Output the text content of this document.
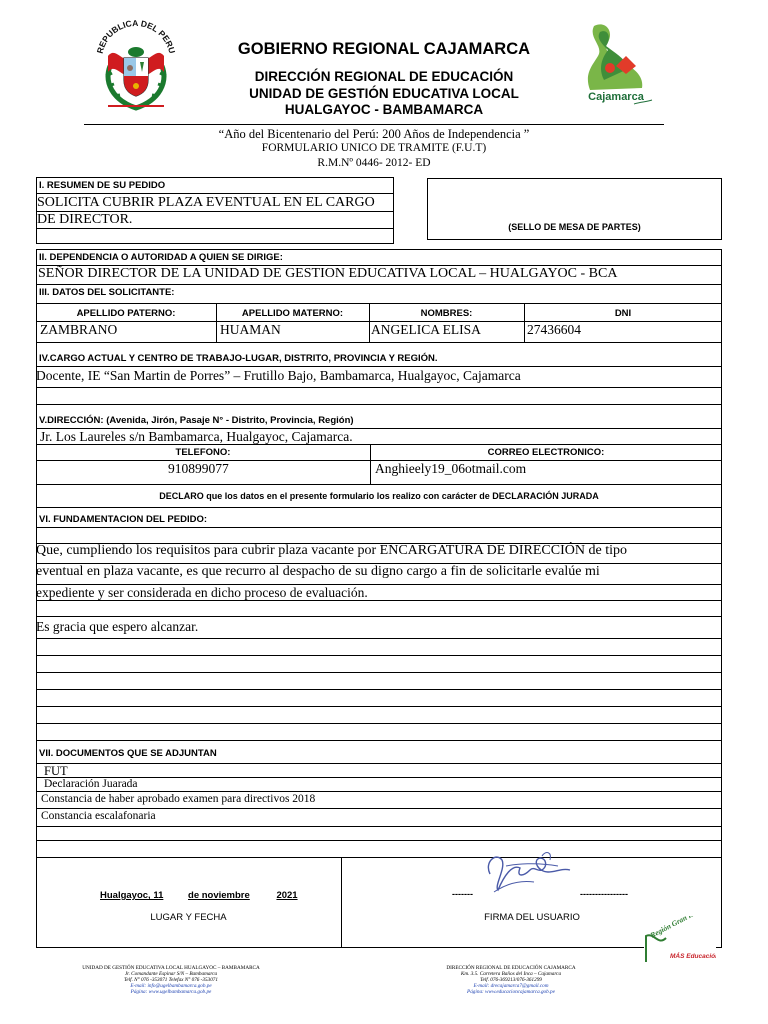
REPUBLICA DEL PERU	GOBIERNO REGIONAL CAJAMARCA
DIRECCIÓN REGIONAL DE EDUCACIÓN
UNIDAD DE GESTIÓN EDUCATIVA LOCAL
HUALGAYOC - BAMBAMARCA
Cajamarca
“Año del Bicentenario del Perú: 200 Años de Independencia ”
FORMULARIO UNICO DE TRAMITE (F.U.T)
R.M.Nº 0446- 2012- ED
I. RESUMEN DE SU PEDIDO
SOLICITA CUBRIR PLAZA EVENTUAL EN EL CARGO
DE DIRECTOR.	(SELLO DE MESA DE PARTES)
II. DEPENDENCIA O AUTORIDAD A QUIEN SE DIRIGE:
SEÑOR DIRECTOR DE LA UNIDAD DE GESTION EDUCATIVA LOCAL – HUALGAYOC - BCA
III. DATOS DEL SOLICITANTE:
APELLIDO PATERNO:	APELLIDO MATERNO:	NOMBRES:	DNI
ZAMBRANO	HUAMAN	ANGELICA ELISA	27436604
IV.CARGO ACTUAL Y CENTRO DE TRABAJO-LUGAR, DISTRITO, PROVINCIA Y REGIÓN.
Docente, IE “San Martin de Porres” – Frutillo Bajo, Bambamarca, Hualgayoc, Cajamarca
V.DIRECCIÓN: (Avenida, Jirón, Pasaje N° - Distrito, Provincia, Región)
Jr. Los Laureles s/n Bambamarca, Hualgayoc, Cajamarca.
TELEFONO:	CORREO ELECTRONICO:
910899077	Anghieely19_06otmail.com
DECLARO que los datos en el presente formulario los realizo con carácter de DECLARACIÓN JURADA
VI. FUNDAMENTACION DEL PEDIDO:
Que, cumpliendo los requisitos para cubrir plaza vacante por ENCARGATURA DE DIRECCIÓN de tipo
eventual en plaza vacante, es que recurro al despacho de su digno cargo a fin de solicitarle evalúe mi
expediente y ser considerada en dicho proceso de evaluación.
Es gracia que espero alcanzar.
VII. DOCUMENTOS QUE SE ADJUNTAN
FUT
Declaración Juarada
Constancia de haber aprobado examen para directivos 2018
Constancia escalafonaria
Hualgayoc, 11	de noviembre	2021
LUGAR Y FECHA
-------	----------------
FIRMA DEL USUARIO	Región Gran Región
MÁS Educación
UNIDAD DE GESTIÓN EDUCATIVA LOCAL HUALGAYOC – BAMBAMARCA
Jr. Comandante Espinar S/N – Bambamarca
Telf. N° 076 -353071 Telefax N° 076 -353071
E-mail: info@ugelbambamarca.gob.pe
Página: www.ugelbambamarca.gob.pe
DIRECCIÓN REGIONAL DE EDUCACIÓN CAJAMARCA
Km. 3.5. Carretera Baños del Inca – Cajamarca
Telf. 076-369213/076-361299
E-mail: drecajamarca7@gmail.com
Página: www.educacioncajamarca.gob.pe
